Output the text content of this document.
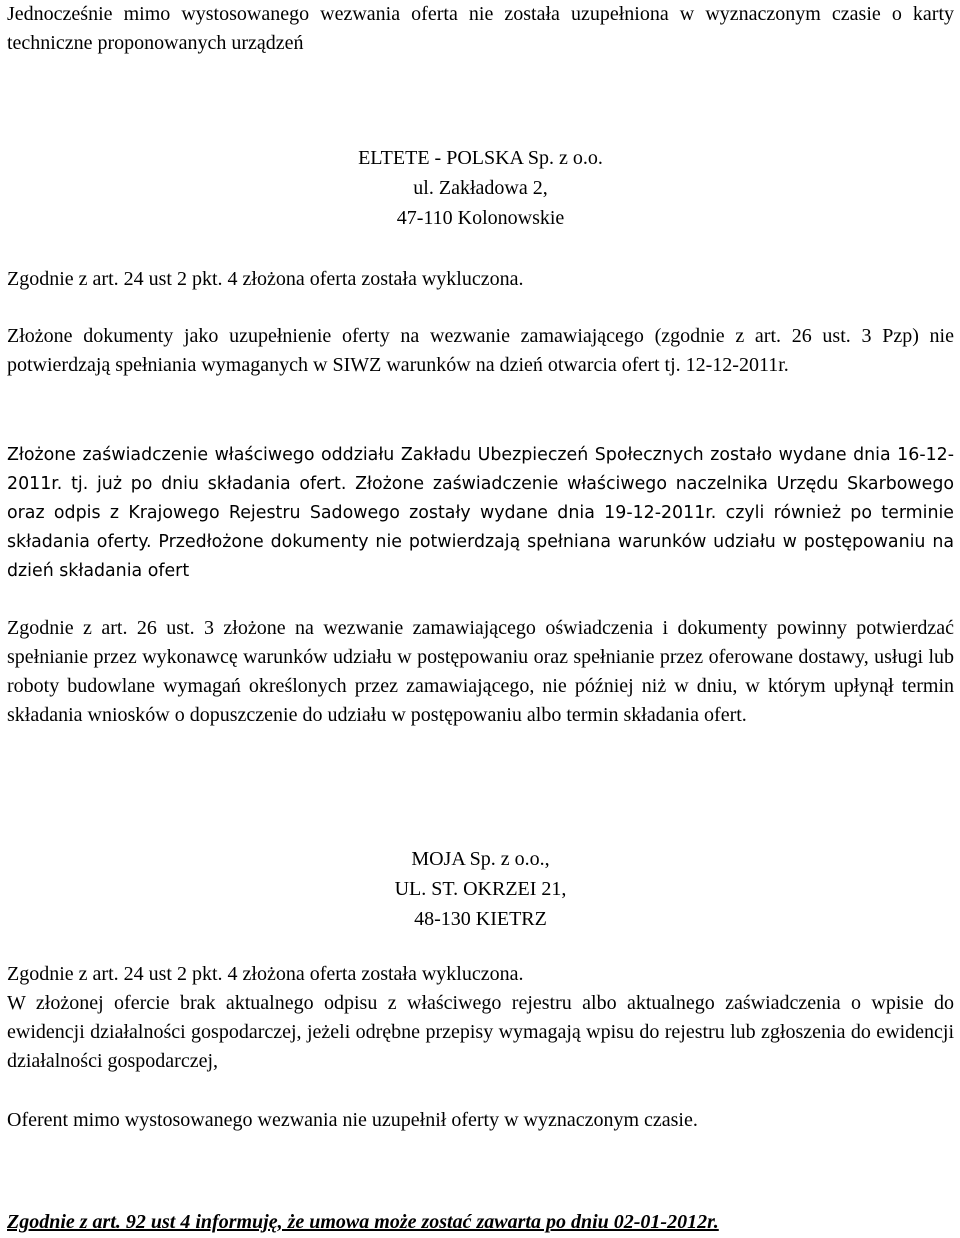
Jednocześnie mimo wystosowanego wezwania oferta nie została uzupełniona w wyznaczonym czasie o karty techniczne proponowanych urządzeń

ELTETE - POLSKA Sp. z o.o.
ul. Zakładowa 2,
47-110 Kolonowskie

Zgodnie z art. 24 ust 2 pkt. 4 złożona oferta została wykluczona.

Złożone dokumenty jako uzupełnienie oferty na wezwanie zamawiającego (zgodnie z art. 26 ust. 3 Pzp) nie potwierdzają spełniania wymaganych w SIWZ warunków na dzień otwarcia ofert tj. 12-12-2011r.

Złożone zaświadczenie właściwego oddziału Zakładu Ubezpieczeń Społecznych zostało wydane dnia 16-12-2011r. tj. już po dniu składania ofert. Złożone zaświadczenie właściwego naczelnika Urzędu Skarbowego oraz odpis z Krajowego Rejestru Sadowego zostały wydane dnia 19-12-2011r. czyli również po terminie składania oferty. Przedłożone dokumenty nie potwierdzają spełniana warunków udziału w postępowaniu na dzień składania ofert

Zgodnie z art. 26 ust. 3 złożone na wezwanie zamawiającego oświadczenia i dokumenty powinny potwierdzać spełnianie przez wykonawcę warunków udziału w postępowaniu oraz spełnianie przez oferowane dostawy, usługi lub roboty budowlane wymagań określonych przez zamawiającego, nie później niż w dniu, w którym upłynął termin składania wniosków o dopuszczenie do udziału w postępowaniu albo termin składania ofert.

MOJA Sp. z o.o.,
UL. ST. OKRZEI 21,
48-130 KIETRZ

Zgodnie z art. 24 ust 2 pkt. 4 złożona oferta została wykluczona.

W złożonej ofercie brak aktualnego odpisu z właściwego rejestru albo aktualnego zaświadczenia o wpisie do ewidencji działalności gospodarczej, jeżeli odrębne przepisy wymagają wpisu do rejestru lub zgłoszenia do ewidencji działalności gospodarczej,

Oferent mimo wystosowanego wezwania nie uzupełnił oferty w wyznaczonym czasie.

Zgodnie z art. 92 ust 4 informuję, że umowa może zostać zawarta po dniu 02-01-2012r.
